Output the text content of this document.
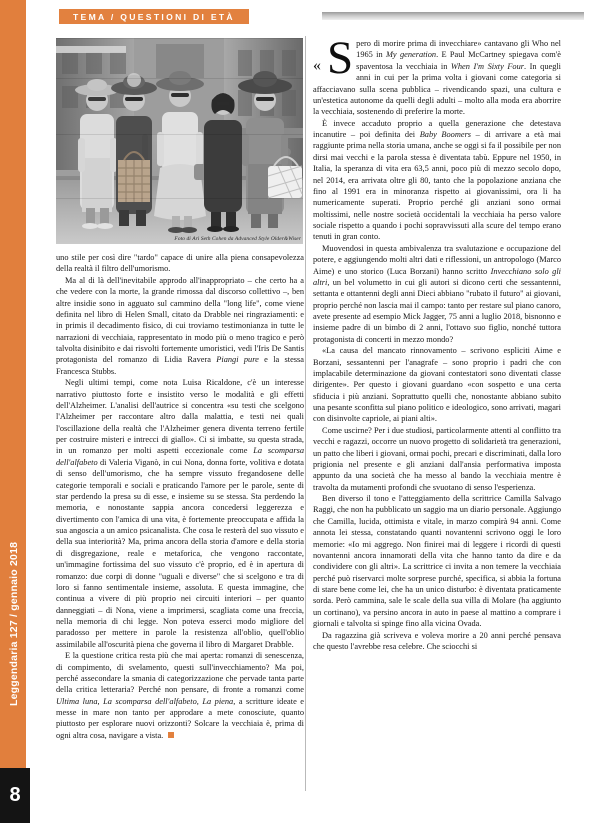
Leggendaria 127 / gennaio 2018
8
TEMA / QUESTIONI DI ETÀ
Foto di Ari Seth Cohen da Advanced Style Older&Wiser

uno stile per così dire "tardo" capace di unire alla piena consapevolezza della realtà il filtro dell'umorismo.

Ma al di là dell'inevitabile approdo all'inappropriato – che certo ha a che vedere con la morte, la grande rimossa dal discorso collettivo –, ben altre insidie sono in agguato sul cammino della "long life", come viene definita nel libro di Helen Small, citato da Drabble nei ringraziamenti: e in primis il decadimento fisico, di cui troviamo testimonianza in tutte le narrazioni di vecchiaia, rappresentato in modo più o meno tragico e però talvolta disinibito e dai risvolti fortemente umoristici, vedi l'Iris De Santis protagonista del romanzo di Lidia Ravera Piangi pure e la stessa Francesca Stubbs.

Negli ultimi tempi, come nota Luisa Ricaldone, c'è un interesse narrativo piuttosto forte e insistito verso le modalità e gli effetti dell'Alzheimer. L'analisi dell'autrice si concentra «su testi che scelgono l'Alzheimer per raccontare altro dalla malattia, e testi nei quali l'oscillazione della realtà che l'Alzheimer genera diventa terreno fertile per costruire misteri e intrecci di giallo». Ci si imbatte, su questa strada, in un romanzo per molti aspetti eccezionale come La scomparsa dell'alfabeto di Valeria Viganò, in cui Nona, donna forte, volitiva e dotata di senso dell'umorismo, che ha sempre vissuto fregandosene delle categorie temporali e sociali e praticando l'amore per le parole, sente di star perdendo la presa su di esse, e insieme su se stessa. Sta perdendo la memoria, e nonostante sappia ancora concedersi leggerezza e divertimento con l'amica di una vita, è fortemente preoccupata e affida la sua angoscia a un amico psicanalista. Che cosa le resterà del suo vissuto e della sua interiorità? Ma, prima ancora della storia d'amore e della storia di disgregazione, reale e metaforica, che vengono raccontate, un'immagine fortissima del suo vissuto c'è proprio, ed è in apertura di romanzo: due corpi di donne "uguali e diverse" che si scelgono e tra di loro si fanno sentimentale insieme, assoluta. E questa immagine, che continua a vivere di più proprio nei circuiti interiori – per quanto danneggiati – di Nona, viene a imprimersi, scagliata come una freccia, nella memoria di chi legge. Non poteva esserci modo migliore del paradosso per mettere in parole la resistenza all'oblio, quell'oblio assimilabile all'oscurità piena che governa il libro di Margaret Drabble.

E la questione critica resta più che mai aperta: romanzi di senescenza, di compimento, di svelamento, questi sull'invecchiamento? Ma poi, perché assecondare la smania di categorizzazione che pervade tanta parte della critica letteraria? Perché non pensare, di fronte a romanzi come Ultima luna, La scomparsa dell'alfabeto, La piena, a scritture ideate e messe in mare non tanto per approdare a mete conosciute, quanto piuttosto per esplorare nuovi orizzonti? Solcare la vecchiaia è, prima di ogni altra cosa, navigare a vista.

« S pero di morire prima di invecchiare» cantavano gli Who nel 1965 in My generation. E Paul McCartney spiegava com'è spaventosa la vecchiaia in When I'm Sixty Four. In quegli anni in cui per la prima volta i giovani come categoria si affacciavano sulla scena pubblica – rivendicando spazi, una cultura e un'estetica autonome da quelli degli adulti – molto alla moda era aborrire la vecchiaia, sostenendo di preferire la morte.

È invece accaduto proprio a quella generazione che detestava incanutire – poi definita dei Baby Boomers – di arrivare a età mai raggiunte prima nella storia umana, anche se oggi si fa il possibile per non dirsi mai vecchi e la parola stessa è diventata tabù. Eppure nel 1950, in Italia, la speranza di vita era 63,5 anni, poco più di mezzo secolo dopo, nel 2014, era arrivata oltre gli 80, tanto che la popolazione anziana che fino al 1991 era in minoranza rispetto ai giovanissimi, ora li ha numericamente superati. Proprio perché gli anziani sono ormai moltissimi, nelle nostre società occidentali la vecchiaia ha perso valore sociale rispetto a quando i pochi sopravvissuti alla scure del tempo erano tenuti in gran conto.

Muovendosi in questa ambivalenza tra svalutazione e occupazione del potere, e aggiungendo molti altri dati e riflessioni, un antropologo (Marco Aime) e uno storico (Luca Borzani) hanno scritto Invecchiano solo gli altri, un bel volumetto in cui gli autori si dicono certi che sessantenni, settanta e ottantenni degli anni Dieci abbiano "rubato il futuro" ai giovani, proprio perché non lascia mai il campo: tanto per restare sul piano canoro, avete presente ad esempio Mick Jagger, 75 anni a luglio 2018, bisnonno e insieme padre di un bimbo di 2 anni, l'ottavo suo figlio, nonché tuttora protagonista di concerti in mezzo mondo?

«La causa del mancato rinnovamento – scrivono espliciti Aime e Borzani, sessantenni per l'anagrafe – sono proprio i padri che con implacabile determinazione da giovani contestatori sono diventati classe dirigente». Per questo i giovani guardano «con sospetto e una certa sfiducia i più anziani. Soprattutto quelli che, nonostante abbiano subito una pesante sconfitta sul piano politico e ideologico, sono arrivati, magari con disinvolte capriole, ai piani alti».

Come uscirne? Per i due studiosi, particolarmente attenti al conflitto tra vecchi e ragazzi, occorre un nuovo progetto di solidarietà tra generazioni, un patto che liberi i giovani, ormai pochi, precari e discriminati, dalla loro prigionia nel presente e gli anziani dall'ansia performativa imposta appunto da una società che ha messo al bando la vecchiaia mentre è travolta da mutamenti profondi che svuotano di senso l'esperienza.

Ben diverso il tono e l'atteggiamento della scrittrice Camilla Salvago Raggi, che non ha pubblicato un saggio ma un diario personale. Aggiungo che Camilla, lucida, ottimista e vitale, in marzo compirà 94 anni. Come annota lei stessa, constatando quanti novantenni scrivono oggi le loro memorie: «Io mi aggrego. Non finirei mai di leggere i ricordi di questi novantenni ancora innamorati della vita che hanno tanto da dire e da condividere con gli altri». La scrittrice ci invita a non temere la vecchiaia perché può riservarci molte sorprese purché, specifica, si abbia la fortuna di stare bene come lei, che ha un unico disturbo: è diventata praticamente sorda. Però cammina, sale le scale della sua villa di Molare (ha aggiunto un cortinano), va persino ancora in auto in paese al mattino a comprare i giornali e talvolta si spinge fino alla vicina Ovada.

Da ragazzina già scriveva e voleva morire a 20 anni perché pensava che questo l'avrebbe resa celebre. Che sciocchi si
